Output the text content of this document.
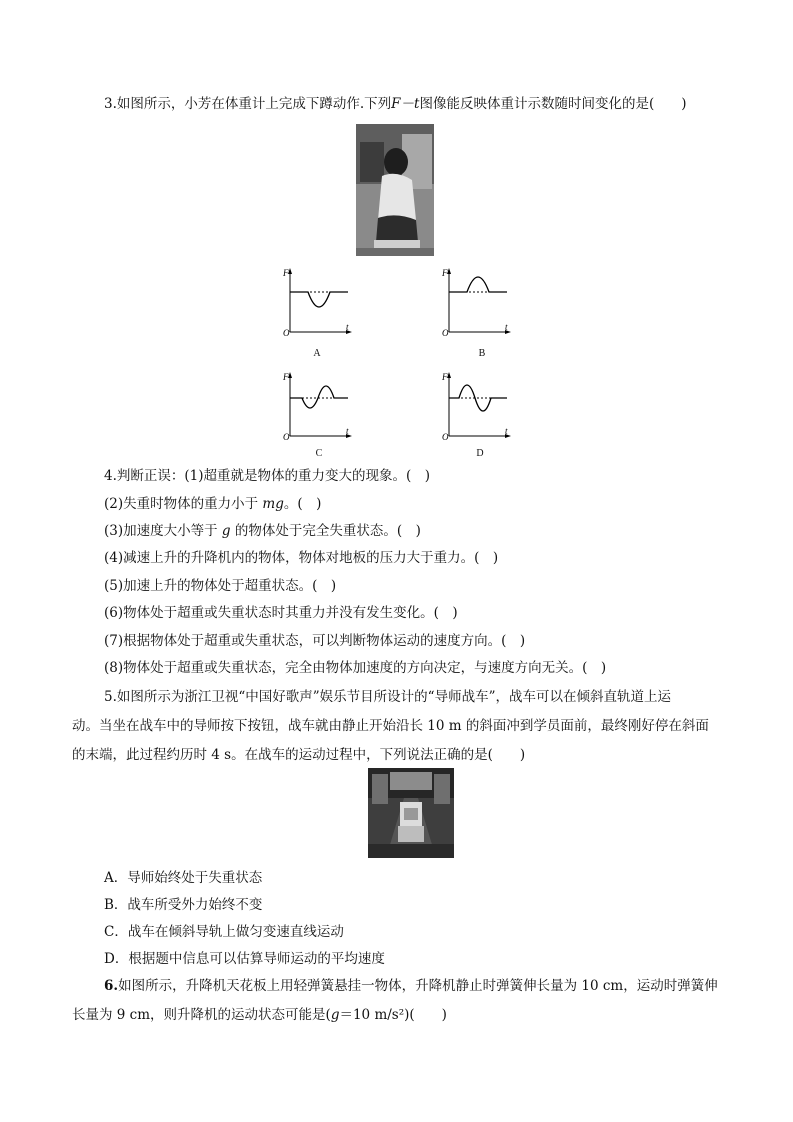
3.如图所示，小芳在体重计上完成下蹲动作.下列F－t图像能反映体重计示数随时间变化的是(　　)
F
O
t
A
F
O
t
B
F
O
t
C
F
O
t
D
4.判断正误：(1)超重就是物体的重力变大的现象。(　)
(2)失重时物体的重力小于 mg。(　)
(3)加速度大小等于 g 的物体处于完全失重状态。(　)
(4)减速上升的升降机内的物体，物体对地板的压力大于重力。(　)
(5)加速上升的物体处于超重状态。(　)
(6)物体处于超重或失重状态时其重力并没有发生变化。(　)
(7)根据物体处于超重或失重状态，可以判断物体运动的速度方向。(　)
(8)物体处于超重或失重状态，完全由物体加速度的方向决定，与速度方向无关。(　)
5.如图所示为浙江卫视“中国好歌声”娱乐节目所设计的“导师战车”，战车可以在倾斜直轨道上运
动。当坐在战车中的导师按下按钮，战车就由静止开始沿长 10 m 的斜面冲到学员面前，最终刚好停在斜面
的末端，此过程约历时 4 s。在战车的运动过程中，下列说法正确的是(　　)
A．导师始终处于失重状态
B．战车所受外力始终不变
C．战车在倾斜导轨上做匀变速直线运动
D．根据题中信息可以估算导师运动的平均速度
6.如图所示，升降机天花板上用轻弹簧悬挂一物体，升降机静止时弹簧伸长量为 10 cm，运动时弹簧伸
长量为 9 cm，则升降机的运动状态可能是(g＝10 m/s²)(　　)
